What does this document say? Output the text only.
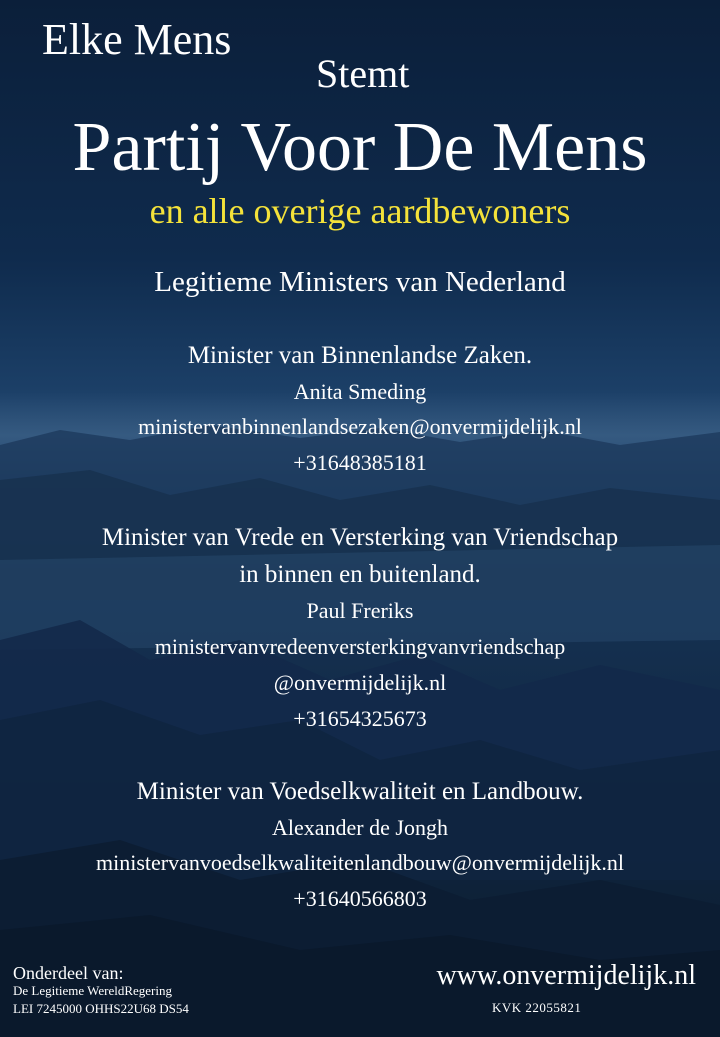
Elke Mens
Stemt
Partij Voor De Mens
en alle overige aardbewoners
Legitieme Ministers van Nederland
Minister van Binnenlandse Zaken.
Anita Smeding
ministervanbinnenlandsezaken@onvermijdelijk.nl
+31648385181
Minister van Vrede en Versterking van Vriendschap
in binnen en buitenland.
Paul Freriks
ministervanvredeenversterkingvanvriendschap
@onvermijdelijk.nl
+31654325673
Minister van Voedselkwaliteit en Landbouw.
Alexander de Jongh
ministervanvoedselkwaliteitenlandbouw@onvermijdelijk.nl
+31640566803
Onderdeel van:
De Legitieme WereldRegering
LEI 7245000 OHHS22U68 DS54
www.onvermijdelijk.nl
KVK 22055821
